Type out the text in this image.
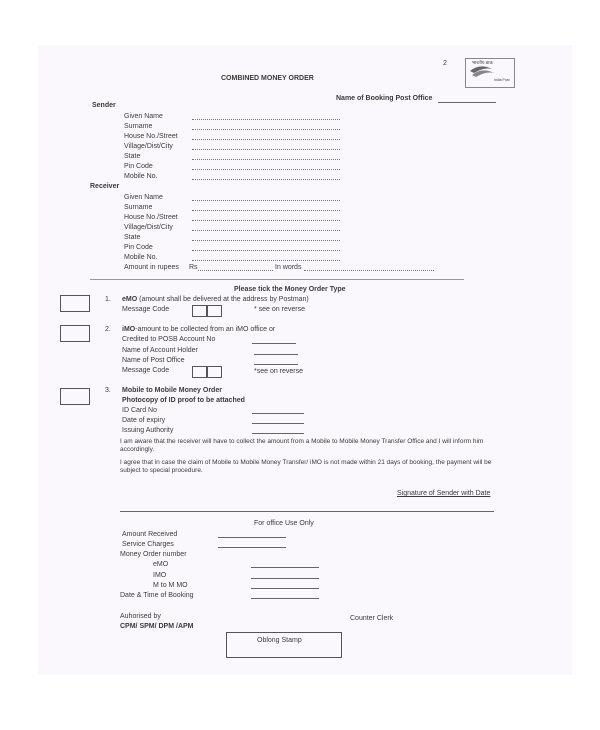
2	भारतीय डाक
India Post
COMBINED MONEY ORDER
Name of Booking Post Office
Sender
Given Name
Surname
House No./Street
Village/Dist/City
State
Pin Code
Mobile No.
Receiver
Given Name
Surname
House No./Street
Village/Dist/City
State
Pin Code
Mobile No.
Amount in rupees Rs	In words
Please tick the Money Order Type
1. eMO (amount shall be delivered at the address by Postman)
Message Code	* see on reverse
2. iMO-amount to be collected from an iMO office or
Credited to POSB Account No
Name of Account Holder
Name of Post Office
Message Code	*see on reverse
3. Mobile to Mobile Money Order
Photocopy of ID proof to be attached
ID Card No
Date of expiry
Issuing Authority
I am aware that the receiver will have to collect the amount from a Mobile to Mobile Money Transfer Office and I will inform him accordingly.
I agree that in case the claim of Mobile to Mobile Money Transfer/ iMO is not made within 21 days of booking, the payment will be subject to special procedure.
Signature of Sender with Date
For office Use Only
Amount Received
Service Charges
Money Order number
eMO
IMO
M to M MO
Date & Time of Booking
Auhorised by
CPM/ SPM/ DPM /APM
Counter Clerk
Oblong Stamp
